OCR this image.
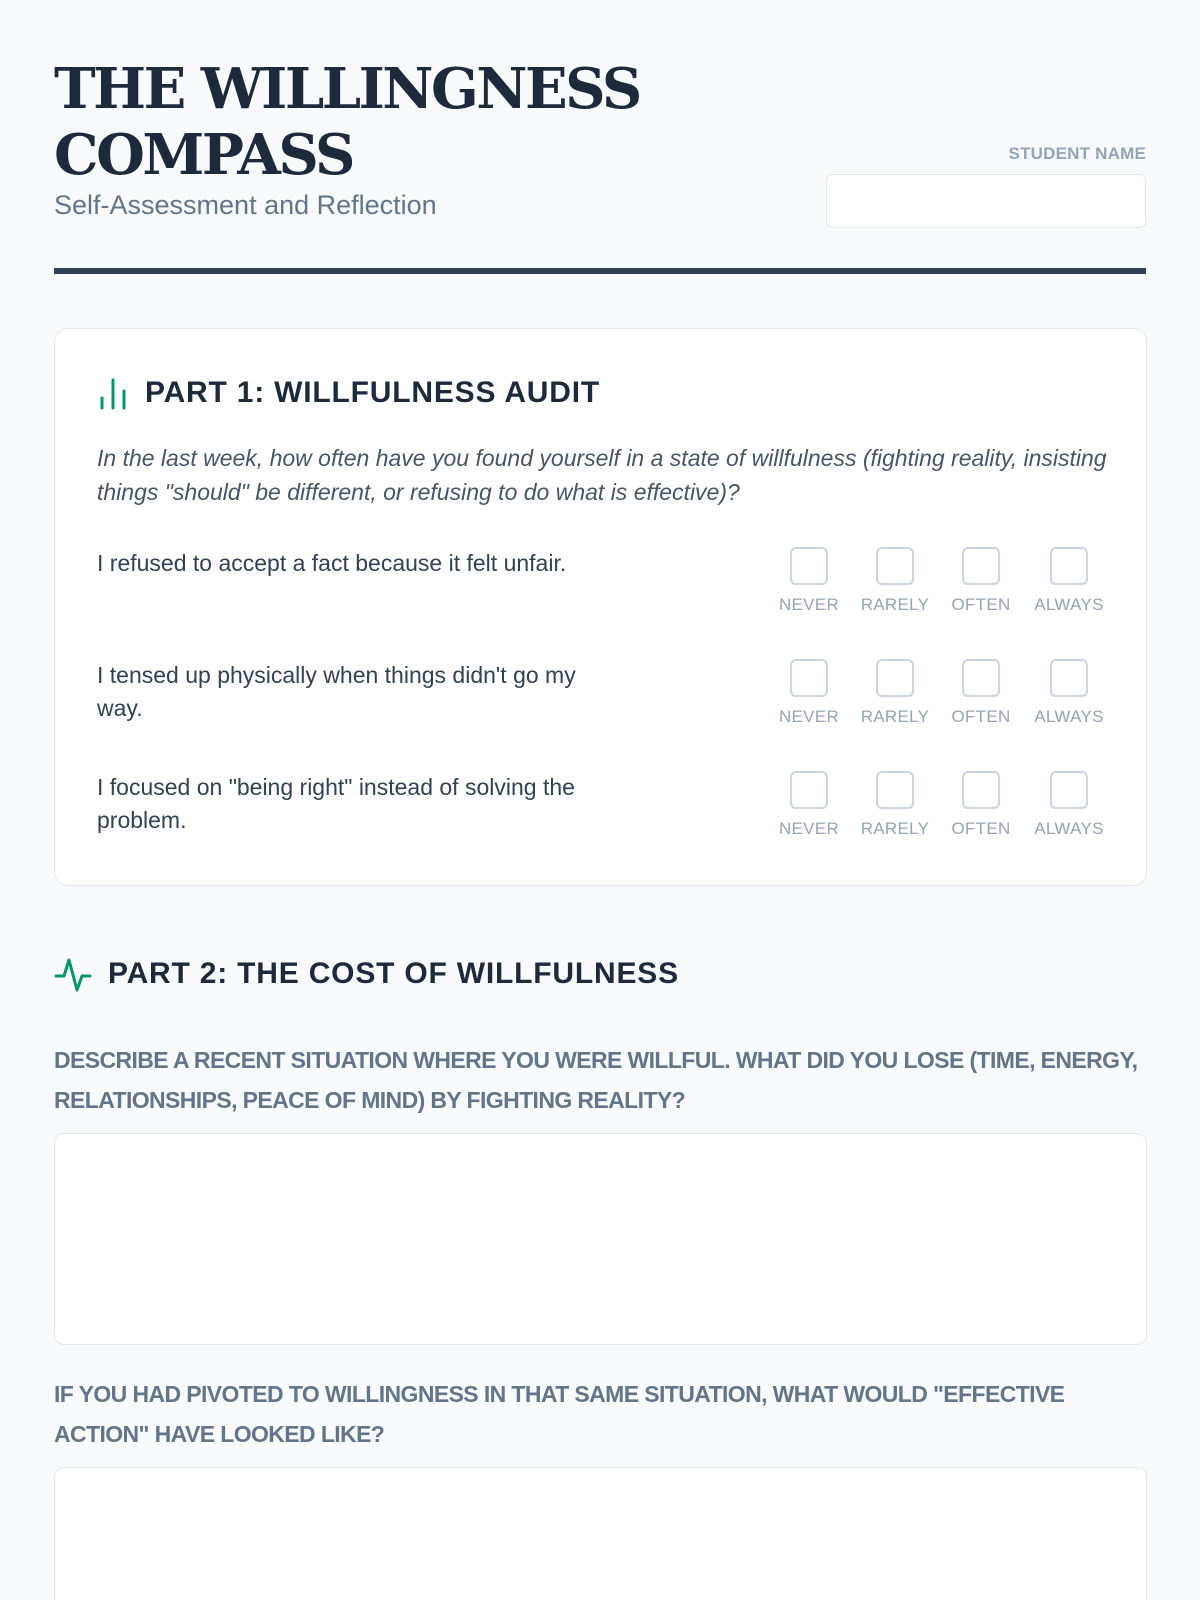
THE WILLINGNESS COMPASS
Self-Assessment and Reflection
STUDENT NAME
PART 1: WILLFULNESS AUDIT

In the last week, how often have you found yourself in a state of willfulness (fighting reality, insisting things "should" be different, or refusing to do what is effective)?

I refused to accept a fact because it felt unfair.
NEVER RARELY OFTEN ALWAYS
I tensed up physically when things didn't go my way.	NEVER RARELY OFTEN ALWAYS
I focused on "being right" instead of solving the problem.	NEVER RARELY OFTEN ALWAYS
PART 2: THE COST OF WILLFULNESS

DESCRIBE A RECENT SITUATION WHERE YOU WERE WILLFUL. WHAT DID YOU LOSE (TIME, ENERGY, RELATIONSHIPS, PEACE OF MIND) BY FIGHTING REALITY?

IF YOU HAD PIVOTED TO WILLINGNESS IN THAT SAME SITUATION, WHAT WOULD "EFFECTIVE ACTION" HAVE LOOKED LIKE?
